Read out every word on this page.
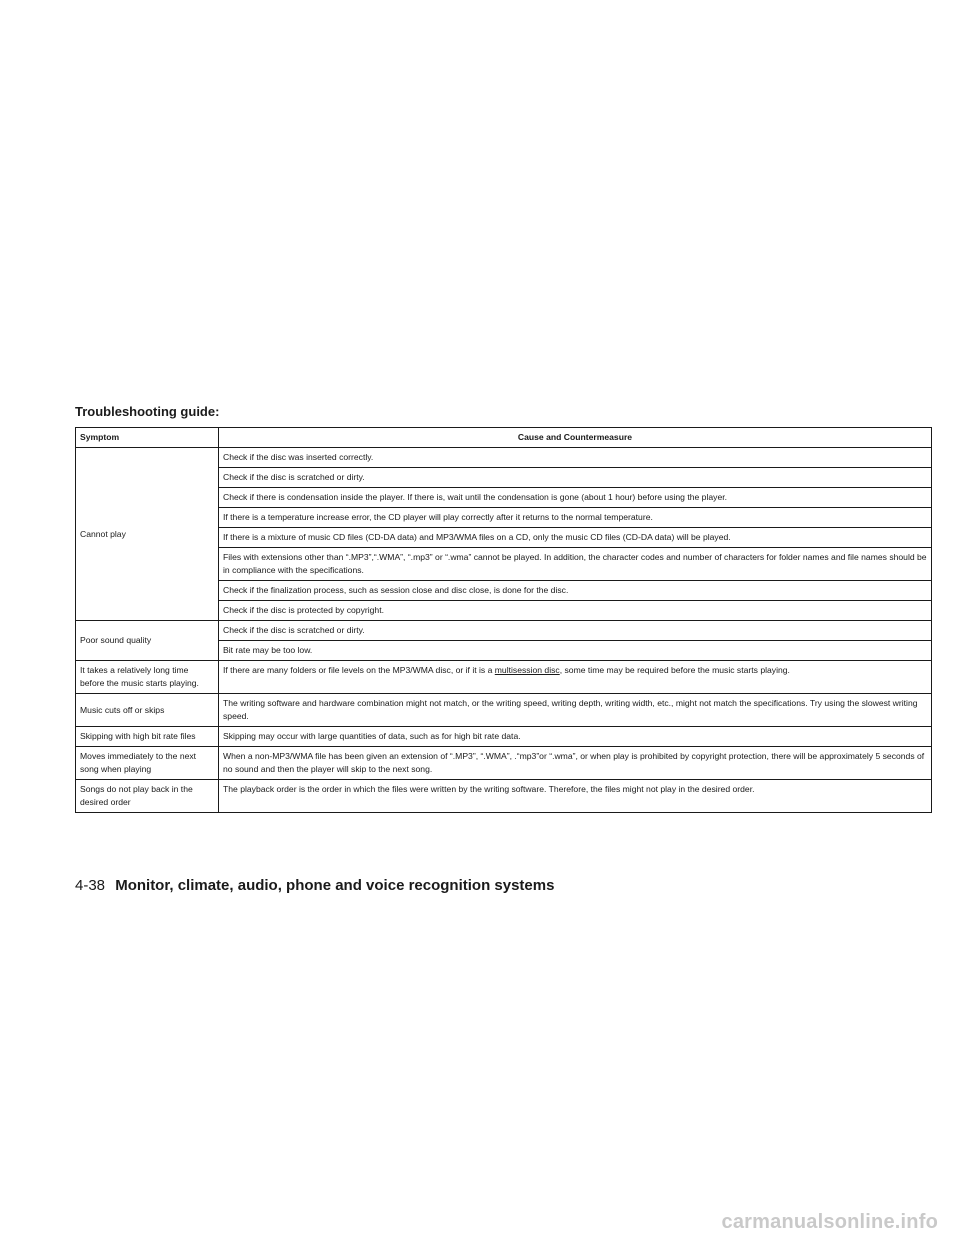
Troubleshooting guide:
Symptom	Cause and Countermeasure
Cannot play	Check if the disc was inserted correctly.
	Check if the disc is scratched or dirty.
	Check if there is condensation inside the player. If there is, wait until the condensation is gone (about 1 hour) before using the player.
	If there is a temperature increase error, the CD player will play correctly after it returns to the normal temperature.
	If there is a mixture of music CD files (CD-DA data) and MP3/WMA files on a CD, only the music CD files (CD-DA data) will be played.
	Files with extensions other than “.MP3”,“.WMA”, “.mp3” or “.wma” cannot be played. In addition, the character codes and number of characters for folder names and file names should be in compliance with the specifications.
	Check if the finalization process, such as session close and disc close, is done for the disc.
	Check if the disc is protected by copyright.
Poor sound quality	Check if the disc is scratched or dirty.
	Bit rate may be too low.
It takes a relatively long time before the music starts playing.	If there are many folders or file levels on the MP3/WMA disc, or if it is a multisession disc, some time may be required before the music starts playing.
Music cuts off or skips	The writing software and hardware combination might not match, or the writing speed, writing depth, writing width, etc., might not match the specifications. Try using the slowest writing speed.
Skipping with high bit rate files	Skipping may occur with large quantities of data, such as for high bit rate data.
Moves immediately to the next song when playing	When a non-MP3/WMA file has been given an extension of “.MP3”, “.WMA”, .“mp3”or “.wma”, or when play is prohibited by copyright protection, there will be approximately 5 seconds of no sound and then the player will skip to the next song.
Songs do not play back in the desired order	The playback order is the order in which the files were written by the writing software. Therefore, the files might not play in the desired order.
4-38 Monitor, climate, audio, phone and voice recognition systems
carmanualsonline.info
